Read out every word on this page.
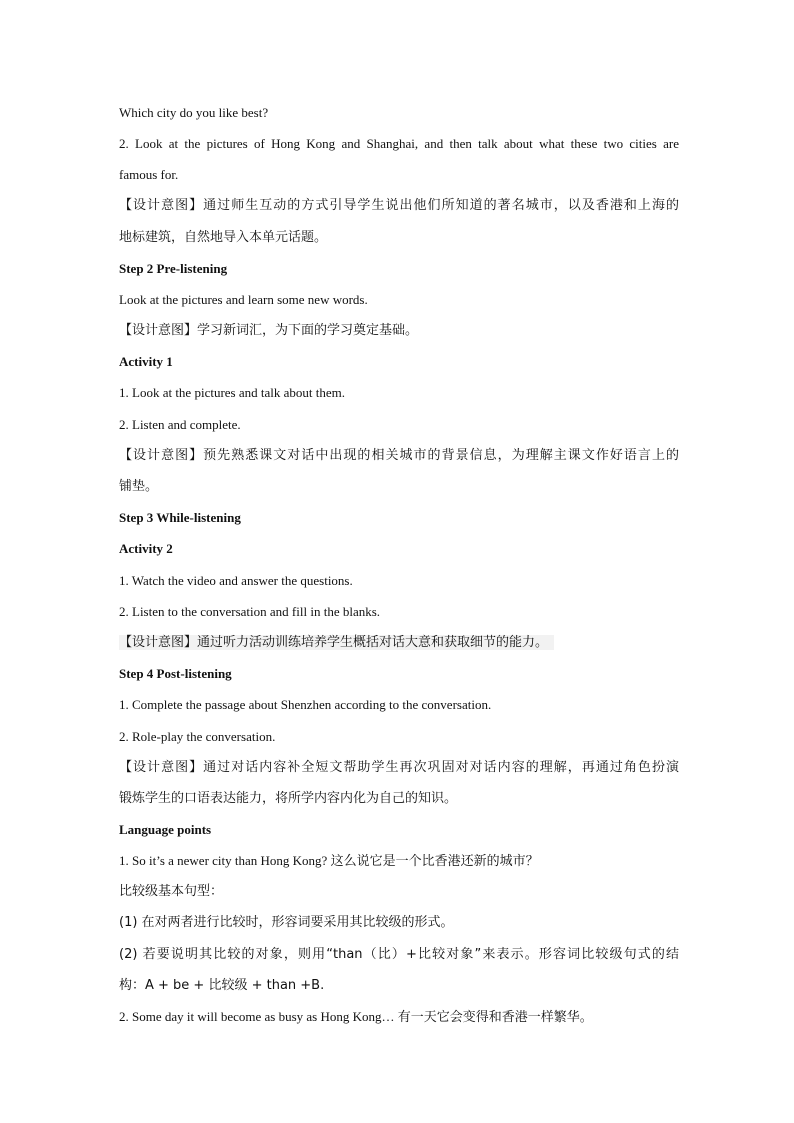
Which city do you like best?
2. Look at the pictures of Hong Kong and Shanghai, and then talk about what these two cities are
famous for.
【设计意图】通过师生互动的方式引导学生说出他们所知道的著名城市，以及香港和上海的
地标建筑，自然地导入本单元话题。
Step 2 Pre-listening
Look at the pictures and learn some new words.
【设计意图】学习新词汇，为下面的学习奠定基础。
Activity 1
1. Look at the pictures and talk about them.
2. Listen and complete.
【设计意图】预先熟悉课文对话中出现的相关城市的背景信息，为理解主课文作好语言上的
铺垫。
Step 3 While-listening
Activity 2
1. Watch the video and answer the questions.
2. Listen to the conversation and fill in the blanks.
【设计意图】通过听力活动训练培养学生概括对话大意和获取细节的能力。
Step 4 Post-listening
1. Complete the passage about Shenzhen according to the conversation.
2. Role-play the conversation.
【设计意图】通过对话内容补全短文帮助学生再次巩固对对话内容的理解，再通过角色扮演
锻炼学生的口语表达能力，将所学内容内化为自己的知识。
Language points
1. So it’s a newer city than Hong Kong? 这么说它是一个比香港还新的城市？
比较级基本句型：
(1) 在对两者进行比较时，形容词要采用其比较级的形式。
(2) 若要说明其比较的对象，则用“than（比）+比较对象”来表示。形容词比较级句式的结
构：A + be + 比较级 + than +B.
2. Some day it will become as busy as Hong Kong… 有一天它会变得和香港一样繁华。
